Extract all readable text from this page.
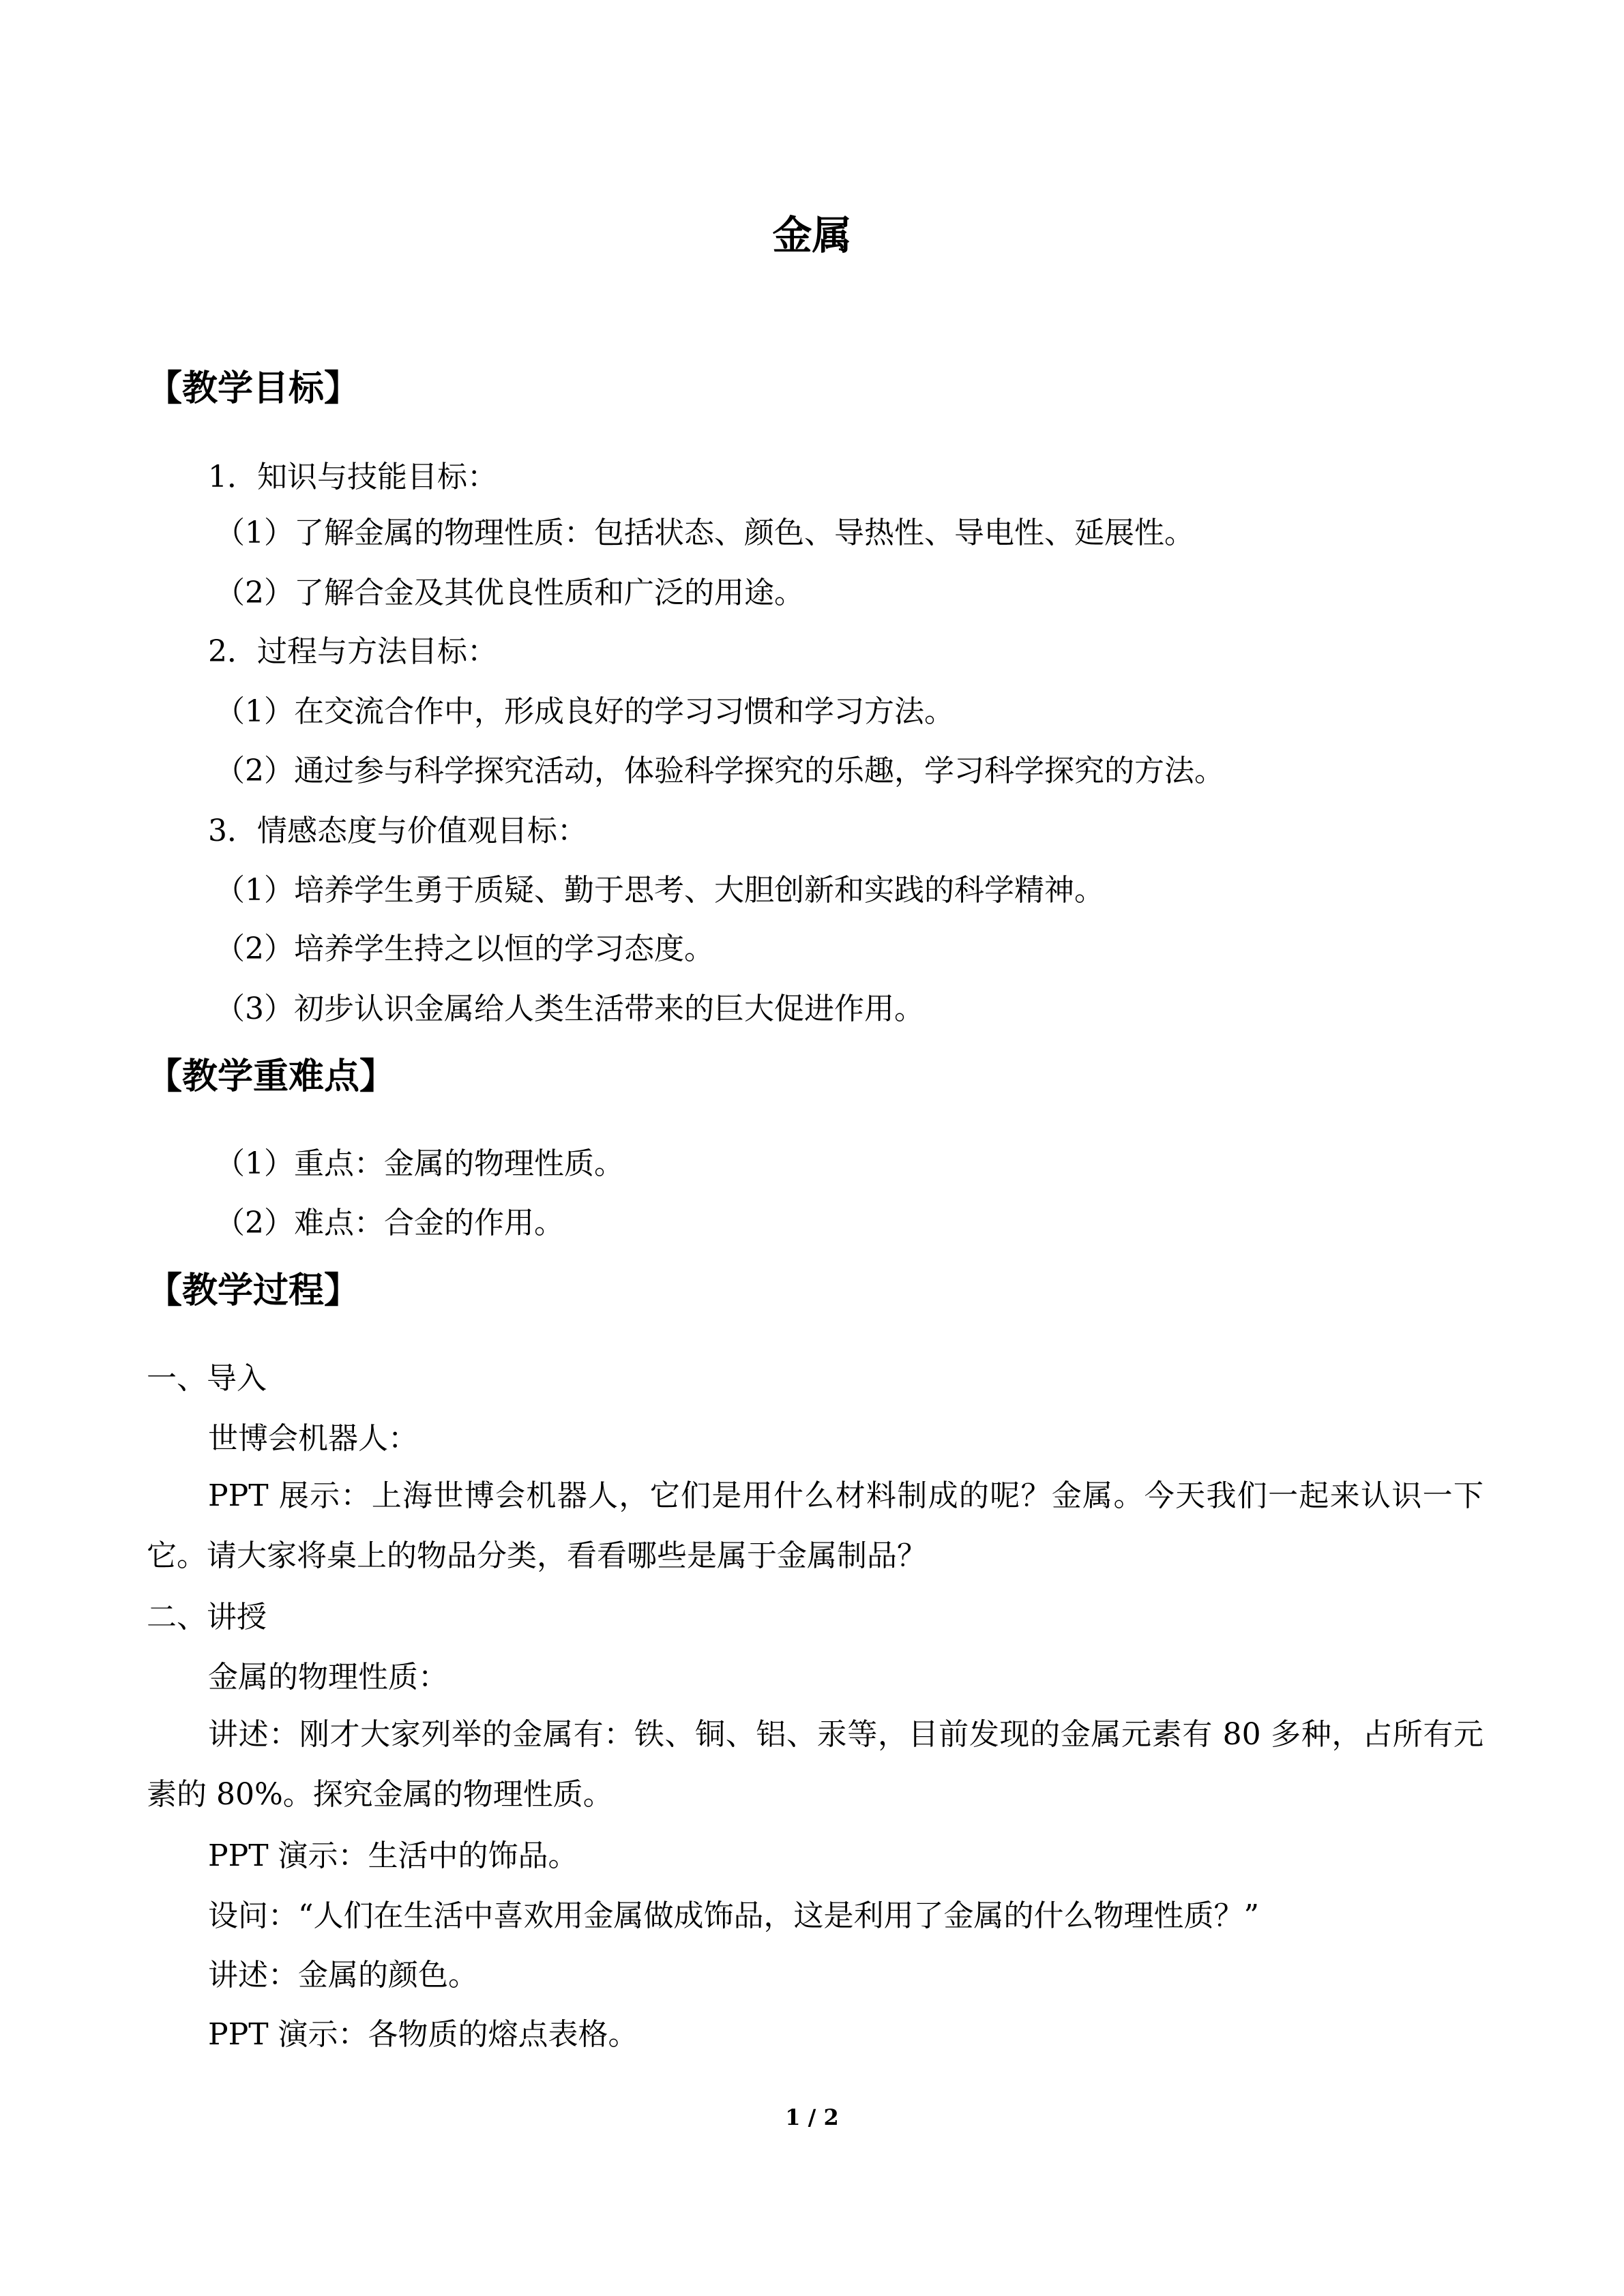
金属
【教学目标】
1．知识与技能目标：
（1）了解金属的物理性质：包括状态、颜色、导热性、导电性、延展性。
（2）了解合金及其优良性质和广泛的用途。
2．过程与方法目标：
（1）在交流合作中，形成良好的学习习惯和学习方法。
（2）通过参与科学探究活动，体验科学探究的乐趣，学习科学探究的方法。
3．情感态度与价值观目标：
（1）培养学生勇于质疑、勤于思考、大胆创新和实践的科学精神。
（2）培养学生持之以恒的学习态度。
（3）初步认识金属给人类生活带来的巨大促进作用。
【教学重难点】
（1）重点：金属的物理性质。
（2）难点：合金的作用。
【教学过程】
一、导入
世博会机器人：
PPT 展示：上海世博会机器人，它们是用什么材料制成的呢？金属。今天我们一起来认识一下它。请大家将桌上的物品分类，看看哪些是属于金属制品？
二、讲授
金属的物理性质：
讲述：刚才大家列举的金属有：铁、铜、铝、汞等，目前发现的金属元素有 80 多种，占所有元素的 80%。探究金属的物理性质。
PPT 演示：生活中的饰品。
设问：“人们在生活中喜欢用金属做成饰品，这是利用了金属的什么物理性质？”
讲述：金属的颜色。
PPT 演示：各物质的熔点表格。
1 / 2
